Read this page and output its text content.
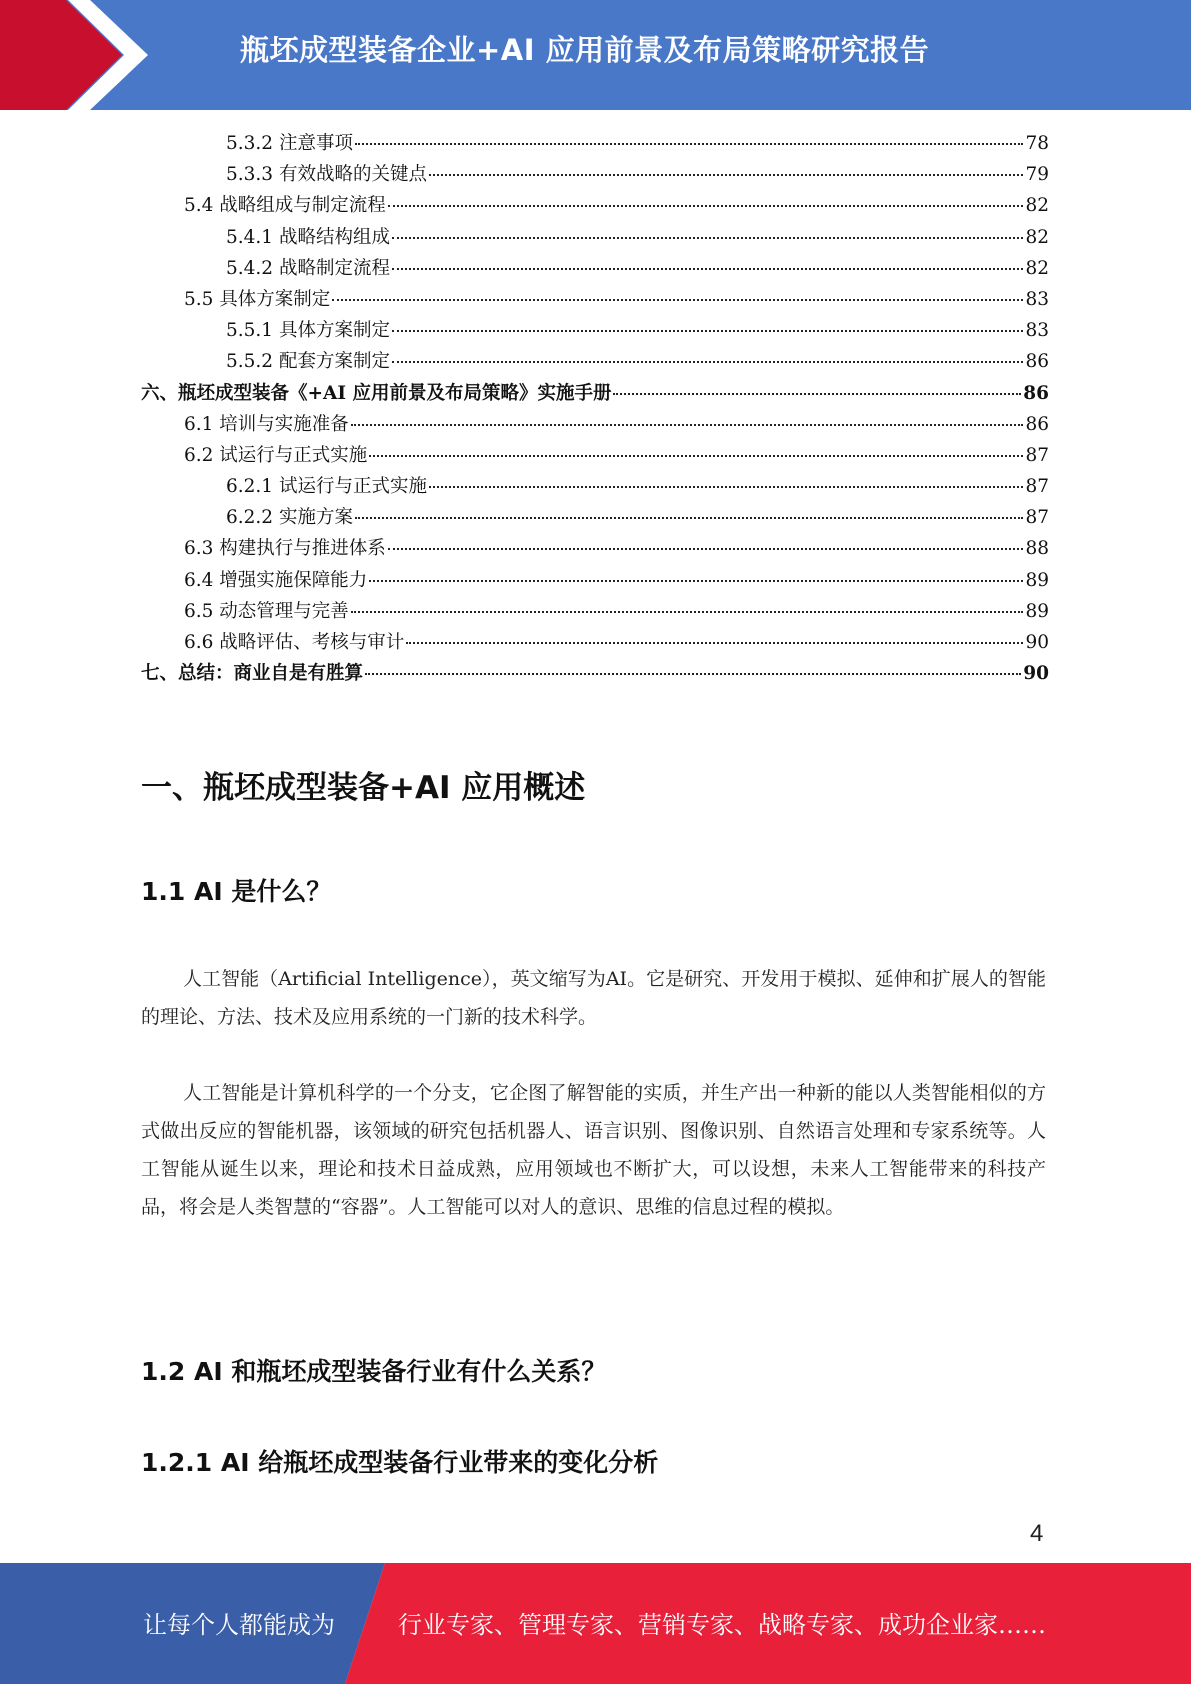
瓶坯成型装备企业+AI 应用前景及布局策略研究报告
5.3.2 注意事项	78
5.3.3 有效战略的关键点	79
5.4 战略组成与制定流程	82
5.4.1 战略结构组成	82
5.4.2 战略制定流程	82
5.5 具体方案制定	83
5.5.1 具体方案制定	83
5.5.2 配套方案制定	86
六、瓶坯成型装备《+AI 应用前景及布局策略》实施手册	86
6.1 培训与实施准备	86
6.2 试运行与正式实施	87
6.2.1 试运行与正式实施	87
6.2.2 实施方案	87
6.3 构建执行与推进体系	88
6.4 增强实施保障能力	89
6.5 动态管理与完善	89
6.6 战略评估、考核与审计	90
七、总结：商业自是有胜算	90
一、瓶坯成型装备+AI 应用概述
1.1 AI 是什么？

人工智能（Artificial Intelligence），英文缩写为AI。它是研究、开发用于模拟、延伸和扩展人的智能的理论、方法、技术及应用系统的一门新的技术科学。

人工智能是计算机科学的一个分支，它企图了解智能的实质，并生产出一种新的能以人类智能相似的方式做出反应的智能机器，该领域的研究包括机器人、语言识别、图像识别、自然语言处理和专家系统等。人工智能从诞生以来，理论和技术日益成熟，应用领域也不断扩大，可以设想，未来人工智能带来的科技产品，将会是人类智慧的“容器”。人工智能可以对人的意识、思维的信息过程的模拟。

1.2 AI 和瓶坯成型装备行业有什么关系？
1.2.1 AI 给瓶坯成型装备行业带来的变化分析
4
让每个人都能成为	行业专家、管理专家、营销专家、战略专家、成功企业家……
